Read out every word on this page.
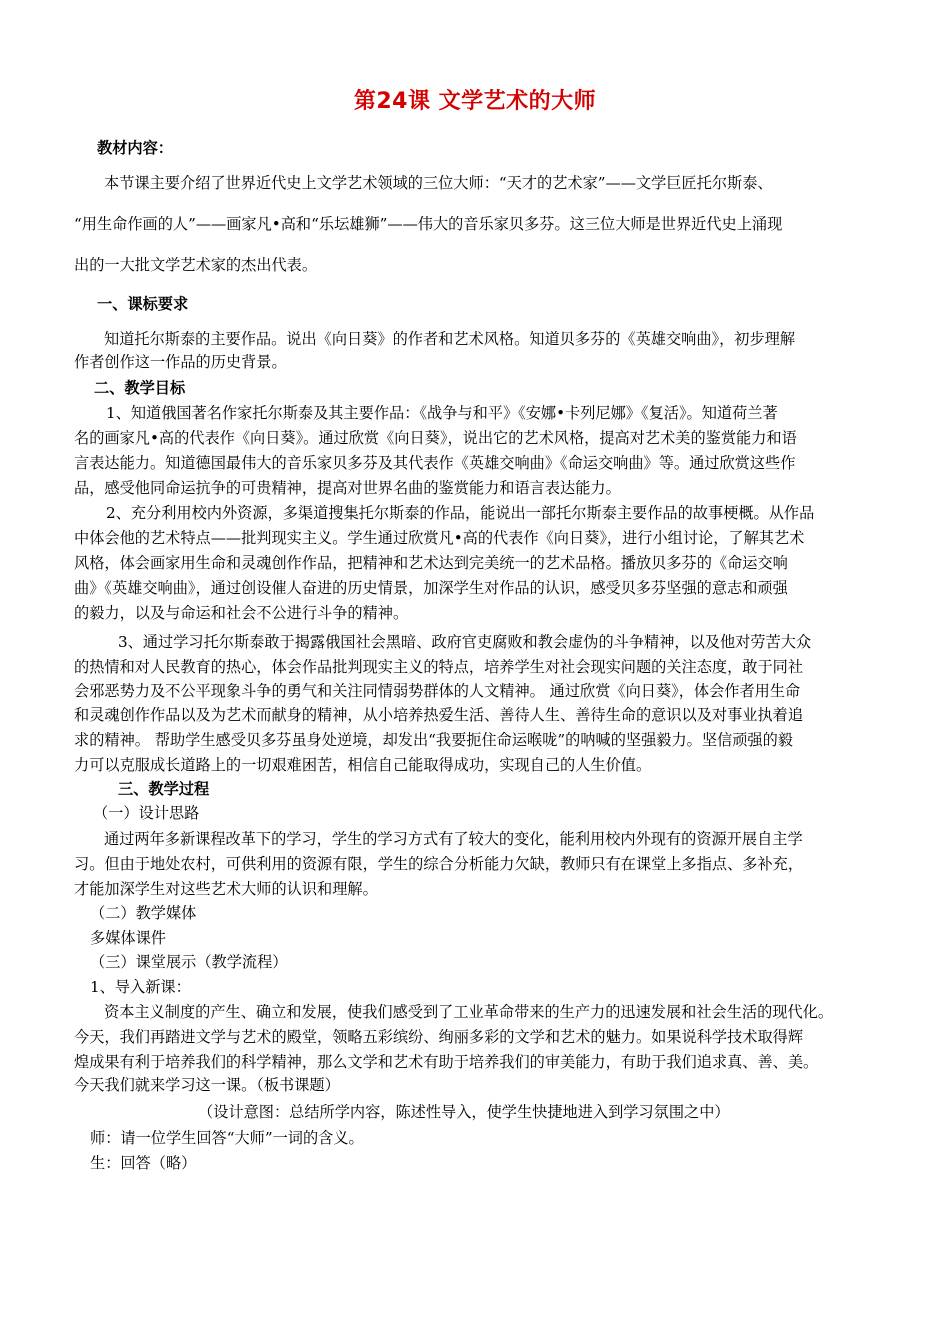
第24课 文学艺术的大师
教材内容：
本节课主要介绍了世界近代史上文学艺术领域的三位大师：“天才的艺术家”——文学巨匠托尔斯泰、
“用生命作画的人”——画家凡•高和“乐坛雄狮”——伟大的音乐家贝多芬。这三位大师是世界近代史上涌现
出的一大批文学艺术家的杰出代表。
一、课标要求
知道托尔斯泰的主要作品。说出《向日葵》的作者和艺术风格。知道贝多芬的《英雄交响曲》，初步理解
作者创作这一作品的历史背景。
二、教学目标
1、知道俄国著名作家托尔斯泰及其主要作品：《战争与和平》《安娜•卡列尼娜》《复活》。知道荷兰著
名的画家凡•高的代表作《向日葵》。通过欣赏《向日葵》，说出它的艺术风格，提高对艺术美的鉴赏能力和语
言表达能力。知道德国最伟大的音乐家贝多芬及其代表作《英雄交响曲》《命运交响曲》等。通过欣赏这些作
品，感受他同命运抗争的可贵精神，提高对世界名曲的鉴赏能力和语言表达能力。
2、充分利用校内外资源，多渠道搜集托尔斯泰的作品，能说出一部托尔斯泰主要作品的故事梗概。从作品
中体会他的艺术特点——批判现实主义。学生通过欣赏凡•高的代表作《向日葵》，进行小组讨论，了解其艺术
风格，体会画家用生命和灵魂创作作品，把精神和艺术达到完美统一的艺术品格。播放贝多芬的《命运交响
曲》《英雄交响曲》，通过创设催人奋进的历史情景，加深学生对作品的认识，感受贝多芬坚强的意志和顽强
的毅力，以及与命运和社会不公进行斗争的精神。
3、通过学习托尔斯泰敢于揭露俄国社会黑暗、政府官吏腐败和教会虚伪的斗争精神，以及他对劳苦大众
的热情和对人民教育的热心，体会作品批判现实主义的特点，培养学生对社会现实问题的关注态度，敢于同社
会邪恶势力及不公平现象斗争的勇气和关注同情弱势群体的人文精神。 通过欣赏《向日葵》，体会作者用生命
和灵魂创作作品以及为艺术而献身的精神，从小培养热爱生活、善待人生、善待生命的意识以及对事业执着追
求的精神。 帮助学生感受贝多芬虽身处逆境，却发出“我要扼住命运喉咙”的呐喊的坚强毅力。坚信顽强的毅
力可以克服成长道路上的一切艰难困苦，相信自己能取得成功，实现自己的人生价值。
三、教学过程
（一）设计思路
通过两年多新课程改革下的学习，学生的学习方式有了较大的变化，能利用校内外现有的资源开展自主学
习。但由于地处农村，可供利用的资源有限，学生的综合分析能力欠缺，教师只有在课堂上多指点、多补充，
才能加深学生对这些艺术大师的认识和理解。
（二）教学媒体
多媒体课件
（三）课堂展示（教学流程）
1、导入新课：
资本主义制度的产生、确立和发展，使我们感受到了工业革命带来的生产力的迅速发展和社会生活的现代化。
今天，我们再踏进文学与艺术的殿堂，领略五彩缤纷、绚丽多彩的文学和艺术的魅力。如果说科学技术取得辉
煌成果有利于培养我们的科学精神，那么文学和艺术有助于培养我们的审美能力，有助于我们追求真、善、美。
今天我们就来学习这一课。（板书课题）
（设计意图：总结所学内容，陈述性导入，使学生快捷地进入到学习氛围之中）
师：请一位学生回答“大师”一词的含义。
生：回答（略）
